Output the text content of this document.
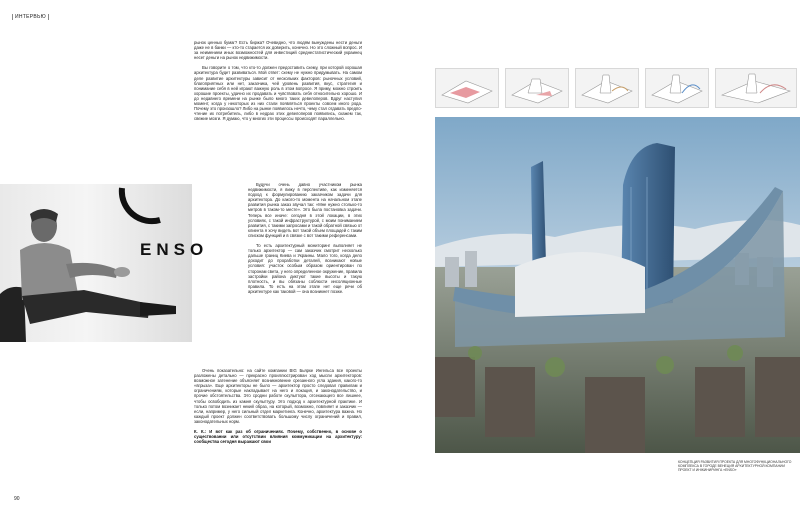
ИНТЕРВЬЮ

рынок ценных бумаг? Есть биржа? Очевидно, что людям вынуждены нести деньги даже не в банки — кто-то старается их доверить, конечно. Но это сложный вопрос. И за неимением иных возможностей для инвестиций среднестатистический украинец несет деньги на рынок недвижимости.

Вы говорите о том, что кто-то должен предоставить схему, при которой хорошая архитектура будет развиваться. Мой ответ: схему не нужно придумывать. На самом деле развитие архитектуры зависит от нескольких факторов: рыночных условий, благоприятных или нет, заказчика, чей уровень развития, вкус, стратегия и понимание себя в ней играют важную роль в этом вопросе. Я приму, можно строить хорошие проекты, удачно их продавать и чувствовать себя относительно хорошо. И до недавнего времени на рынке было много таких девелоперов. Вдруг наступил момент, когда у некоторых из них стали появляться проекты совсем иного рода. Почему это произошло? Либо на рынке появилось нечто, чему стал отдавать предпочтение их потребитель, либо в недрах этих девелоперов появились, скажем так, свежие мозги. Я думаю, что у многих эти процессы происходят параллельно.

Будучи очень давно участником рынка недвижимости, я вижу в перспективе, как изменяется подход к формулированию заказчиком задачи для архитектора. До какого-то момента на начальном этапе развития рынка заказ звучал так: «Мне нужно столько-то метров в таком-то месте». Это была постановка задачи. Теперь все иначе: сегодня в этой локации, в этих условиях, с такой инфраструктурой, с моим пониманием развития, с такими запросами и такой обратной связью от клиента я хочу видеть вот такой объем площадей с таким списком функций и в связке с вот такими референсами.

То есть архитектурный мониторинг выполняет не только архитектор — сам заказчик смотрит несколько дальше границ Киева и Украины. Мало того, когда дело доходит до проработки деталей, возникают новые условия: участок особым образом ориентирован по сторонам света, у него определенное окружение, правила застройки района диктуют такие высоты и такую плотность, и вы обязаны соблюсти инсоляционные правила. То есть на этом этапе нет еще речи об архитектуре как таковой — она возникнет позже.

Очень показательно: на сайте компании BIG Бьярке Ингельса все проекты разложены детально — прекрасно проиллюстрирован ход мысли архитекторов: возможное затенение объясняет возникновение срезанного угла здания, какого-то «вгрыза». Еще архитекторы не было — архитектор просто следовал правилам и ограничениям, которые накладывает на него и локация, и законодательство, и прочие обстоятельства. Это сродни работе скульптора, отсекающего все лишнее, чтобы освободить из камня скульптуру. Это подход к архитектурной практике. И только потом возникает некий образ, на который, возможно, повлияет и заказчик — если, например, у него сильный отдел маркетинга. Конечно, архитектура важна. Но каждый проект должен соответствовать большому числу ограничений и правил, законодательных норм.

К. К.: И вот как раз об ограничениях. Почему, собственно, в основе о существовании или отсутствии влияния коммуникации на архитектуру: сообщества сегодня выражают свои

90
ENSO
КОНЦЕПЦИЯ РАЗВИТИЯ ПРОЕКТА ДЛЯ МНОГОФУНКЦИОНАЛЬНОГО КОМПЛЕКСА В ГОРОДЕ ВЕНЕЦИЯ АРХИТЕКТУРНОЙ КОМПАНИИ ПРОЕКТ И ИНЖИНИРИНГА «ENSO»
